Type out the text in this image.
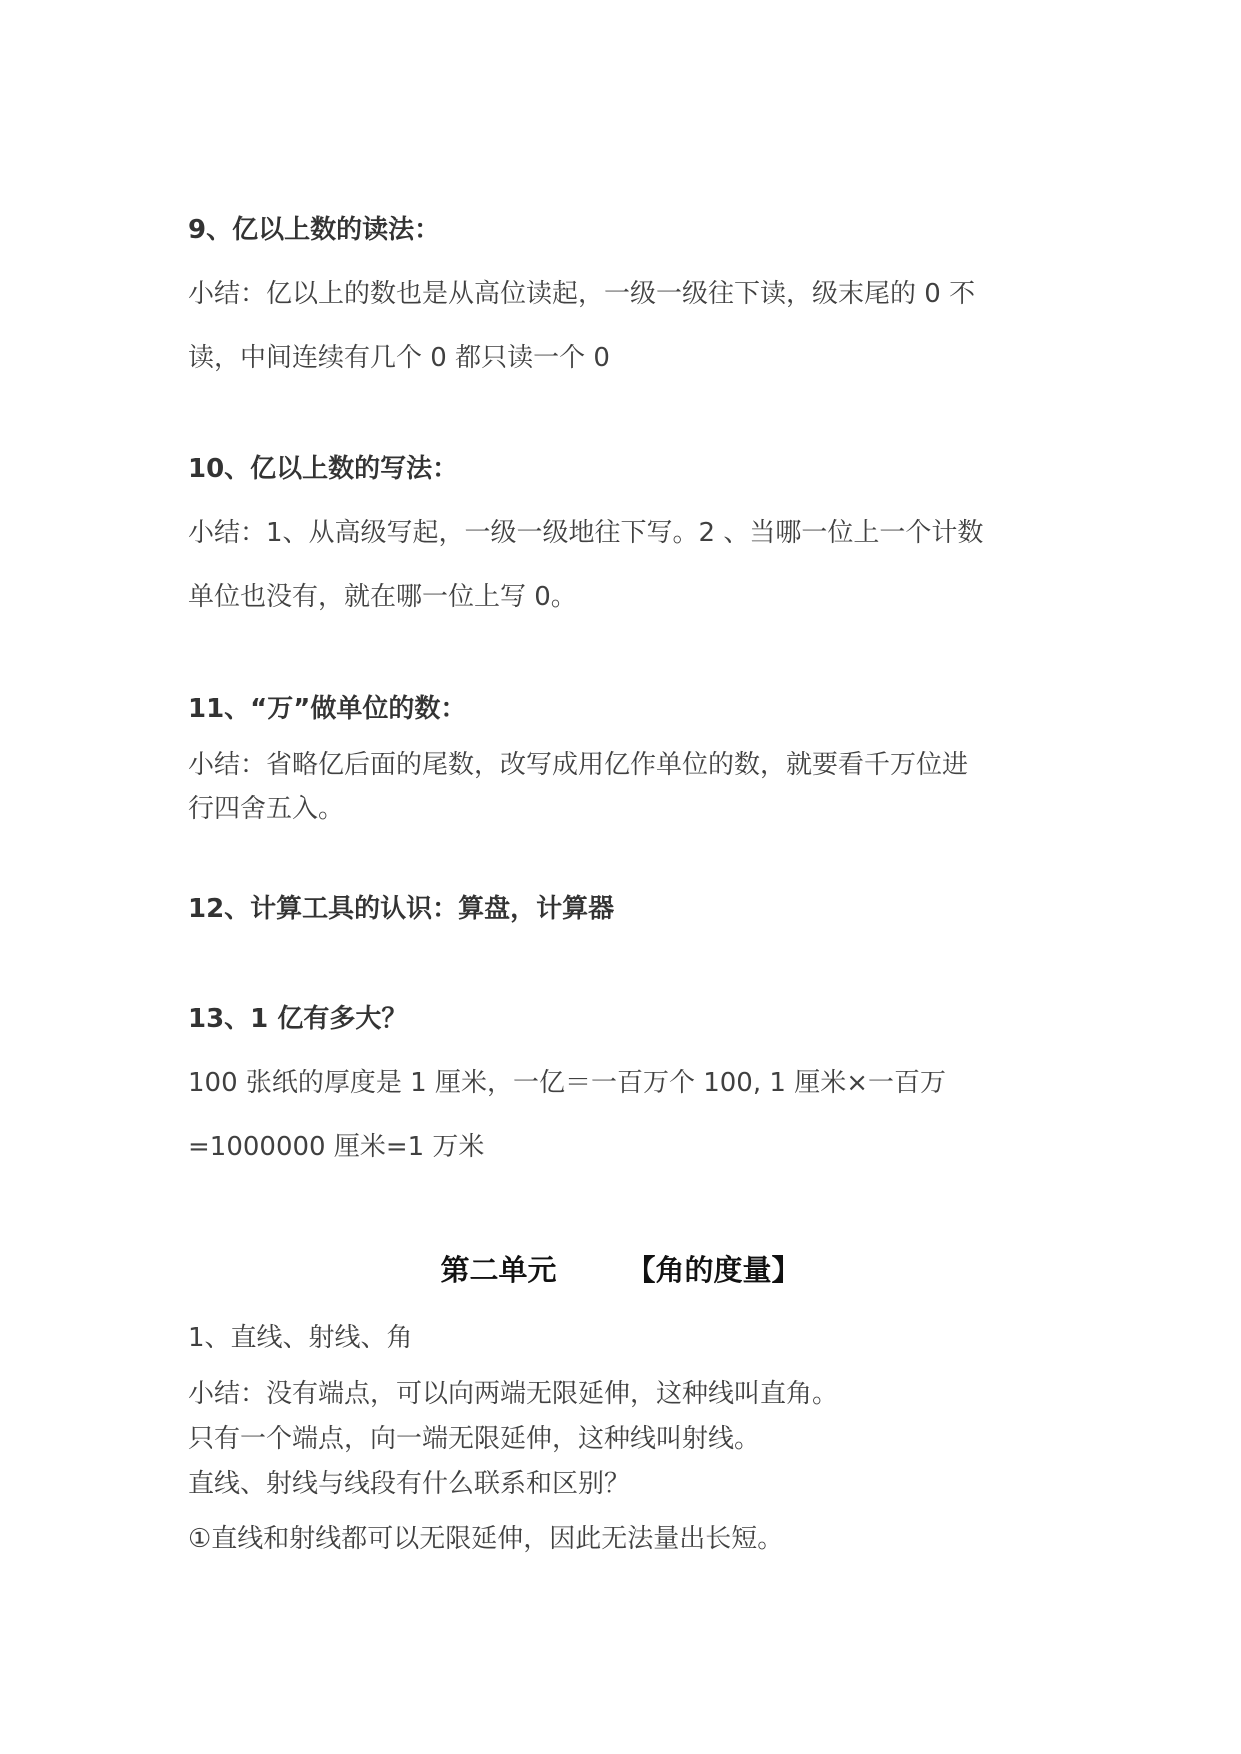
9、亿以上数的读法：
小结：亿以上的数也是从高位读起，一级一级往下读，级末尾的 0 不
读，中间连续有几个 0 都只读一个 0
10、亿以上数的写法：
小结：1、从高级写起，一级一级地往下写。2 、当哪一位上一个计数
单位也没有，就在哪一位上写 0。
11、“万”做单位的数：
小结：省略亿后面的尾数，改写成用亿作单位的数，就要看千万位进
行四舍五入。
12、计算工具的认识：算盘，计算器
13、1 亿有多大？
100 张纸的厚度是 1 厘米，一亿＝一百万个 100, 1 厘米×一百万
=1000000 厘米=1 万米
第二单元 【角的度量】
1、直线、射线、角
小结：没有端点，可以向两端无限延伸，这种线叫直角。
只有一个端点，向一端无限延伸，这种线叫射线。
直线、射线与线段有什么联系和区别？
①直线和射线都可以无限延伸，因此无法量出长短。
